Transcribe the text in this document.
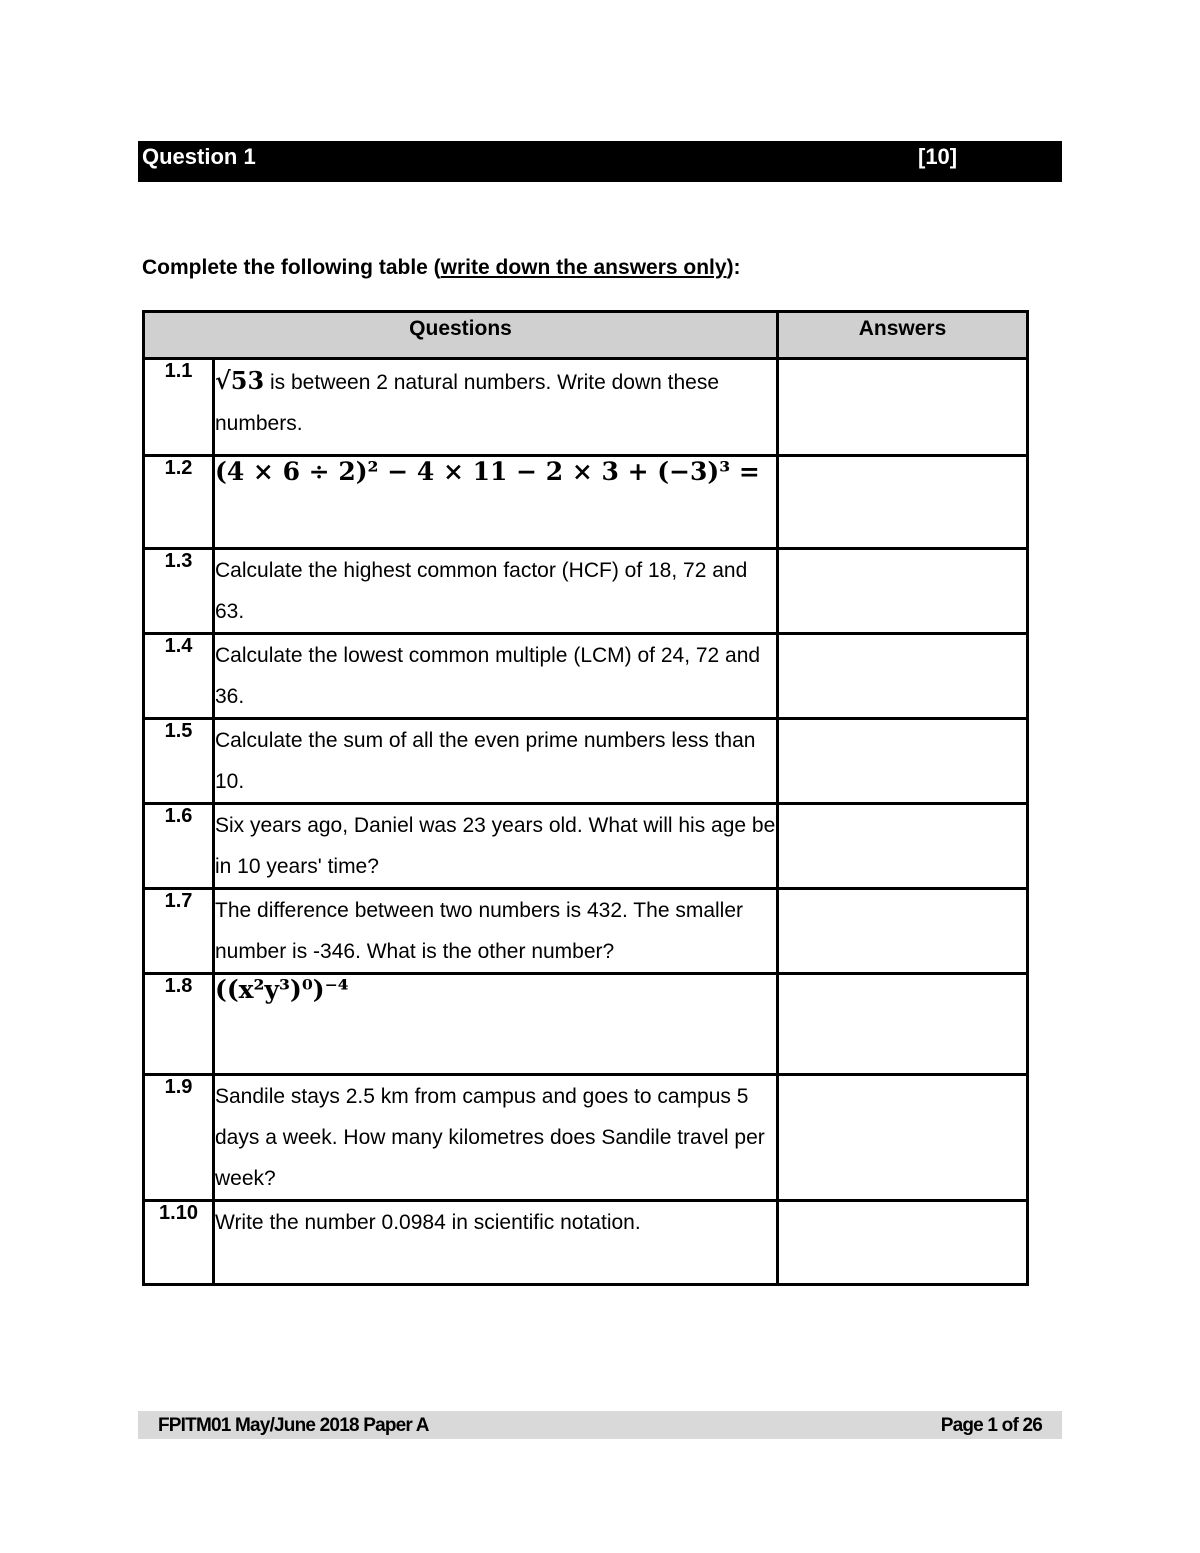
Question 1	[10]
Complete the following table (write down the answers only):
Questions		Answers
1.1	√53 is between 2 natural numbers. Write down these numbers.	
1.2	(4 × 6 ÷ 2)² − 4 × 11 − 2 × 3 + (−3)³ =	
1.3	Calculate the highest common factor (HCF) of 18, 72 and 63.	
1.4	Calculate the lowest common multiple (LCM) of 24, 72 and 36.	
1.5	Calculate the sum of all the even prime numbers less than 10.	
1.6	Six years ago, Daniel was 23 years old. What will his age be in 10 years' time?	
1.7	The difference between two numbers is 432. The smaller number is -346. What is the other number?	
1.8	((x²y³)⁰)⁻⁴	
1.9	Sandile stays 2.5 km from campus and goes to campus 5 days a week. How many kilometres does Sandile travel per week?	
1.10	Write the number 0.0984 in scientific notation.	
FPITM01 May/June 2018 Paper A	Page 1 of 26
